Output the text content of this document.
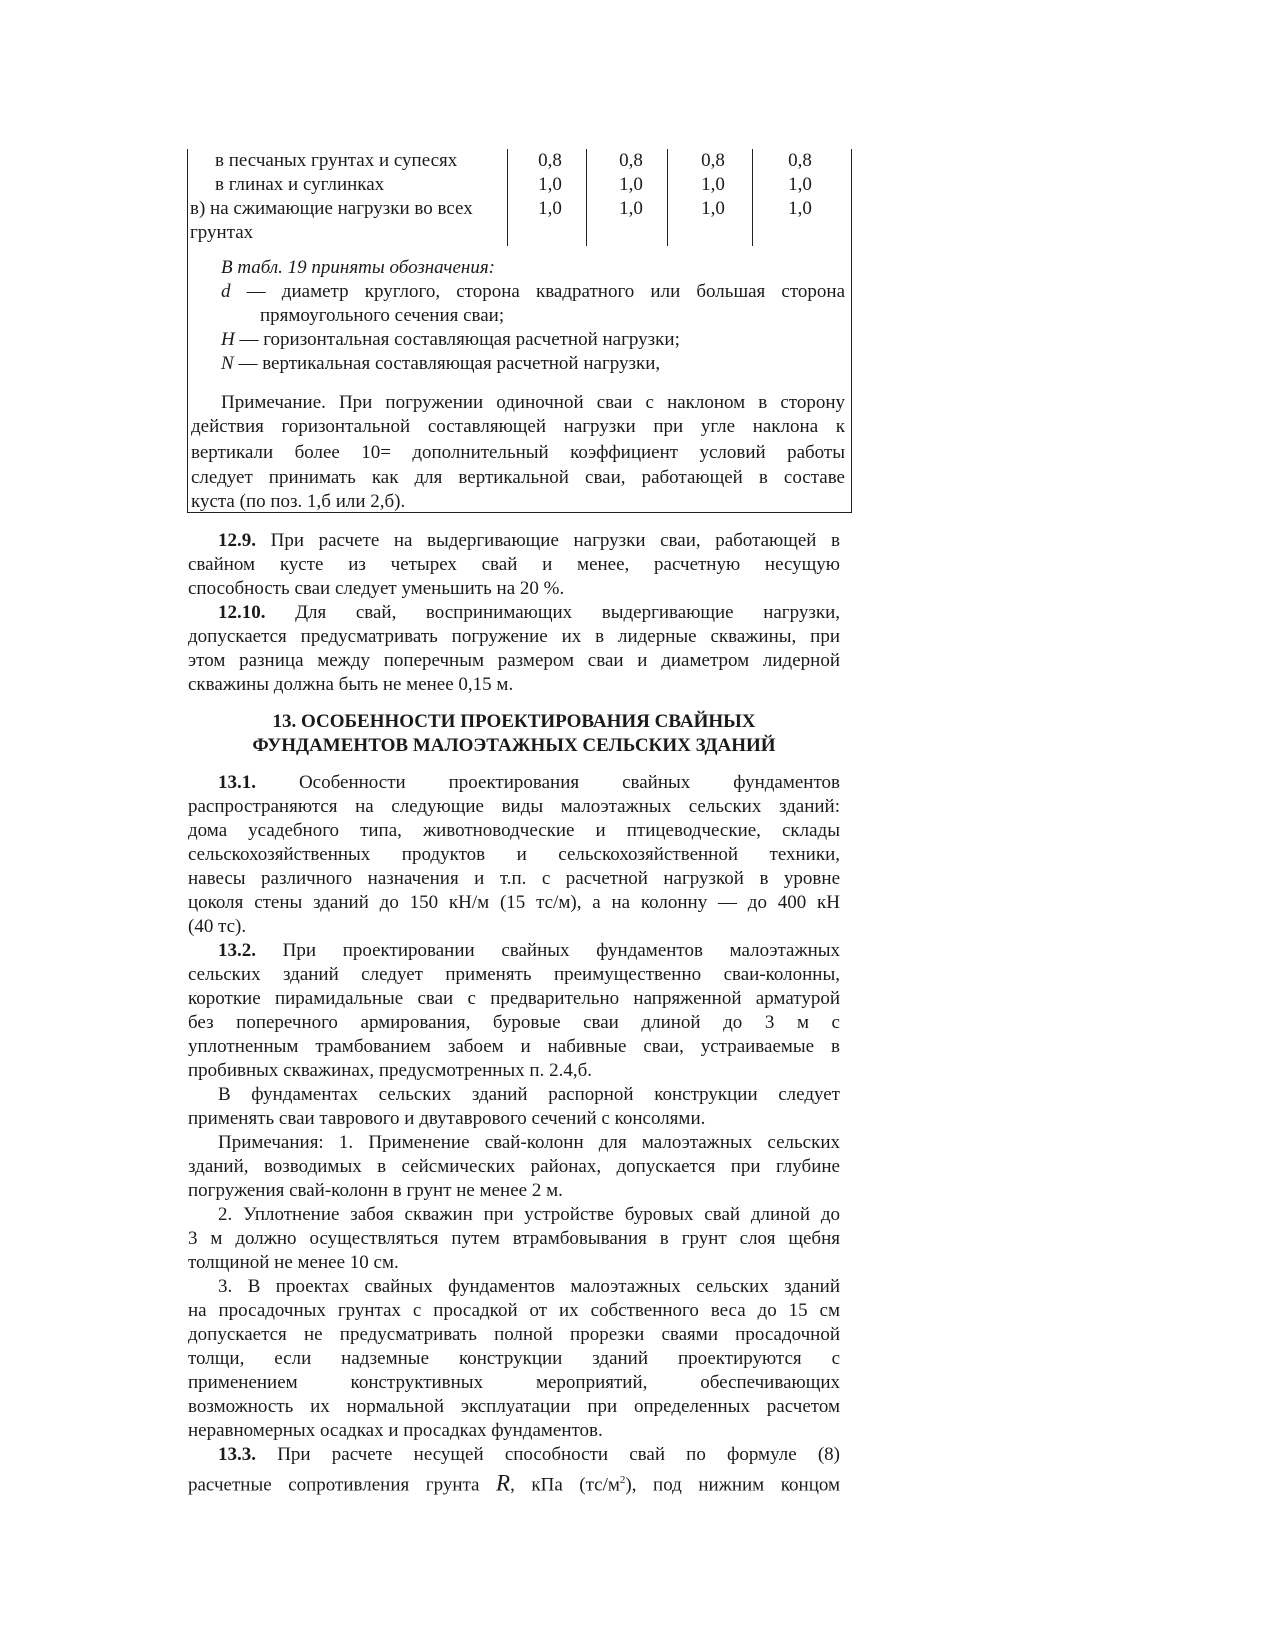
в песчаных грунтах и супесях	0,8	0,8	0,8	0,8
в глинах и суглинках	1,0	1,0	1,0	1,0
в) на сжимающие нагрузки во всех	1,0	1,0	1,0	1,0
грунтах
В табл. 19 приняты обозначения:
d — диаметр круглого, сторона квадратного или большая сторона
прямоугольного сечения сваи;
Н — горизонтальная составляющая расчетной нагрузки;
N — вертикальная составляющая расчетной нагрузки,
Примечание. При погружении одиночной сваи с наклоном в сторону
действия горизонтальной составляющей нагрузки при угле наклона к
вертикали более 10= дополнительный коэффициент условий работы
следует принимать как для вертикальной сваи, работающей в составе
куста (по поз. 1,б или 2,б).
12.9. При расчете на выдергивающие нагрузки сваи, работающей в
свайном кусте из четырех свай и менее, расчетную несущую
способность сваи следует уменьшить на 20 %.
12.10. Для свай, воспринимающих выдергивающие нагрузки,
допускается предусматривать погружение их в лидерные скважины, при
этом разница между поперечным размером сваи и диаметром лидерной
скважины должна быть не менее 0,15 м.
13. ОСОБЕННОСТИ ПРОЕКТИРОВАНИЯ СВАЙНЫХ
ФУНДАМЕНТОВ МАЛОЭТАЖНЫХ СЕЛЬСКИХ ЗДАНИЙ
13.1. Особенности проектирования свайных фундаментов
распространяются на следующие виды малоэтажных сельских зданий:
дома усадебного типа, животноводческие и птицеводческие, склады
сельскохозяйственных продуктов и сельскохозяйственной техники,
навесы различного назначения и т.п. с расчетной нагрузкой в уровне
цоколя стены зданий до 150 кН/м (15 тс/м), а на колонну — до 400 кН
(40 тс).
13.2. При проектировании свайных фундаментов малоэтажных
сельских зданий следует применять преимущественно сваи-колонны,
короткие пирамидальные сваи с предварительно напряженной арматурой
без поперечного армирования, буровые сваи длиной до 3 м с
уплотненным трамбованием забоем и набивные сваи, устраиваемые в
пробивных скважинах, предусмотренных п. 2.4,б.
В фундаментах сельских зданий распорной конструкции следует
применять сваи таврового и двутаврового сечений с консолями.
Примечания: 1. Применение свай-колонн для малоэтажных сельских
зданий, возводимых в сейсмических районах, допускается при глубине
погружения свай-колонн в грунт не менее 2 м.
2. Уплотнение забоя скважин при устройстве буровых свай длиной до
3 м должно осуществляться путем втрамбовывания в грунт слоя щебня
толщиной не менее 10 см.
3. В проектах свайных фундаментов малоэтажных сельских зданий
на просадочных грунтах с просадкой от их собственного веса до 15 см
допускается не предусматривать полной прорезки сваями просадочной
толщи, если надземные конструкции зданий проектируются с
применением конструктивных мероприятий, обеспечивающих
возможность их нормальной эксплуатации при определенных расчетом
неравномерных осадках и просадках фундаментов.
13.3. При расчете несущей способности свай по формуле (8)
расчетные сопротивления грунта R, кПа $(тс/м^2)$, под нижним концом
